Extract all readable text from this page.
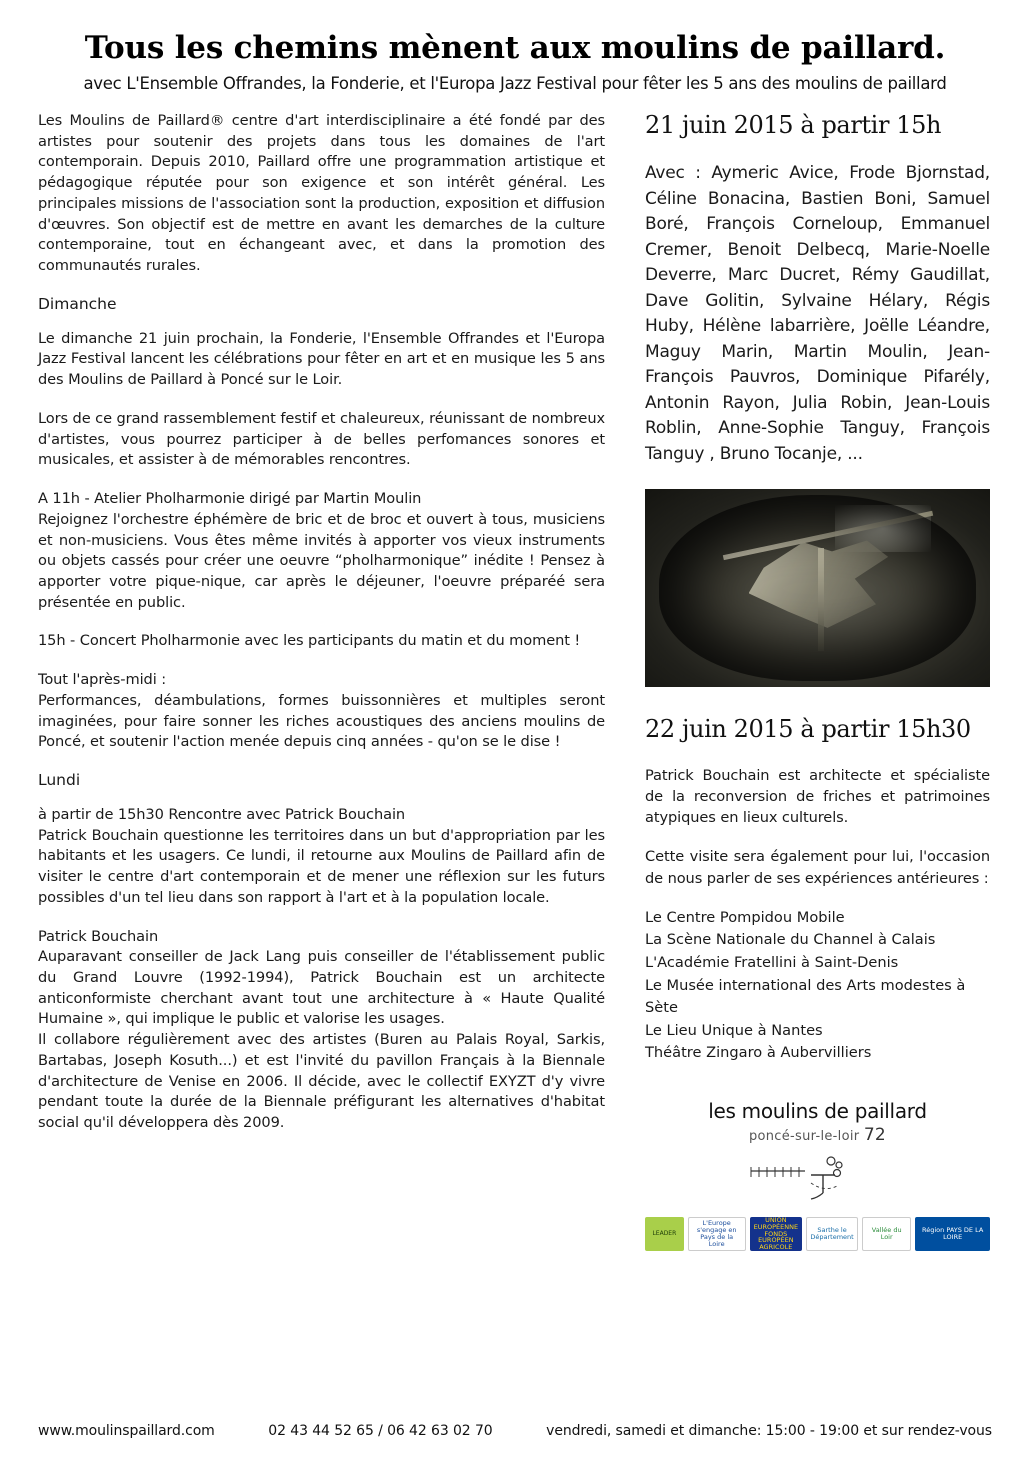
Tous les chemins mènent aux moulins de paillard.
avec L'Ensemble Offrandes, la Fonderie, et l'Europa Jazz Festival pour fêter les 5 ans des moulins de paillard

Les Moulins de Paillard® centre d'art interdisciplinaire a été fondé par des artistes pour soutenir des projets dans tous les domaines de l'art contemporain. Depuis 2010, Paillard offre une programmation artistique et pédagogique réputée pour son exigence et son intérêt général. Les principales missions de l'association sont la production, exposition et diffusion d'œuvres. Son objectif est de mettre en avant les demarches de la culture contemporaine, tout en échangeant avec, et dans la promotion des communautés rurales.

Dimanche

Le dimanche 21 juin prochain, la Fonderie, l'Ensemble Offrandes et l'Europa Jazz Festival lancent les célébrations pour fêter en art et en musique les 5 ans des Moulins de Paillard à Poncé sur le Loir.

Lors de ce grand rassemblement festif et chaleureux, réunissant de nombreux d'artistes, vous pourrez participer à de belles perfomances sonores et musicales, et assister à de mémorables rencontres.

A 11h - Atelier Pholharmonie dirigé par Martin Moulin

Rejoignez l'orchestre éphémère de bric et de broc et ouvert à tous, musiciens et non-musiciens. Vous êtes même invités à apporter vos vieux instruments ou objets cassés pour créer une oeuvre “pholharmonique” inédite ! Pensez à apporter votre pique-nique, car après le déjeuner, l'oeuvre préparéé sera présentée en public.

15h - Concert Pholharmonie avec les participants du matin et du moment !

Tout l'après-midi :

Performances, déambulations, formes buissonnières et multiples seront imaginées, pour faire sonner les riches acoustiques des anciens moulins de Poncé, et soutenir l'action menée depuis cinq années - qu'on se le dise !

Lundi

à partir de 15h30 Rencontre avec Patrick Bouchain

Patrick Bouchain questionne les territoires dans un but d'appropriation par les habitants et les usagers. Ce lundi, il retourne aux Moulins de Paillard afin de visiter le centre d'art contemporain et de mener une réflexion sur les futurs possibles d'un tel lieu dans son rapport à l'art et à la population locale.

Patrick Bouchain

Auparavant conseiller de Jack Lang puis conseiller de l'établissement public du Grand Louvre (1992-1994), Patrick Bouchain est un architecte anticonformiste cherchant avant tout une architecture à « Haute Qualité Humaine », qui implique le public et valorise les usages.

Il collabore régulièrement avec des artistes (Buren au Palais Royal, Sarkis, Bartabas, Joseph Kosuth...) et est l'invité du pavillon Français à la Biennale d'architecture de Venise en 2006. Il décide, avec le collectif EXYZT d'y vivre pendant toute la durée de la Biennale préfigurant les alternatives d'habitat social qu'il développera dès 2009.

21 juin 2015 à partir 15h
Avec : Aymeric Avice, Frode Bjornstad, Céline Bonacina, Bastien Boni, Samuel Boré, François Corneloup, Emmanuel Cremer, Benoit Delbecq, Marie-Noelle Deverre, Marc Ducret, Rémy Gaudillat, Dave Golitin, Sylvaine Hélary, Régis Huby, Hélène labarrière, Joëlle Léandre, Maguy Marin, Martin Moulin, Jean-François Pauvros, Dominique Pifarély, Antonin Rayon, Julia Robin, Jean-Louis Roblin, Anne-Sophie Tanguy, François Tanguy , Bruno Tocanje, ...
22 juin 2015 à partir 15h30
Patrick Bouchain est architecte et spécialiste de la reconversion de friches et patrimoines atypiques en lieux culturels.
Cette visite sera également pour lui, l'occasion de nous parler de ses expériences antérieures :
Le Centre Pompidou Mobile
La Scène Nationale du Channel à Calais
L'Académie Fratellini à Saint-Denis
Le Musée international des Arts modestes à Sète
Le Lieu Unique à Nantes
Théâtre Zingaro à Aubervilliers
les moulins de paillard
poncé-sur-le-loir 72
LEADER
L'Europe s'engage en Pays de la Loire
UNION EUROPÉENNE FONDS EUROPÉEN AGRICOLE
Sarthe le Département
Vallée du Loir
Région PAYS DE LA LOIRE
www.moulinspaillard.com	02 43 44 52 65 / 06 42 63 02 70	vendredi, samedi et dimanche: 15:00 - 19:00 et sur rendez-vous
